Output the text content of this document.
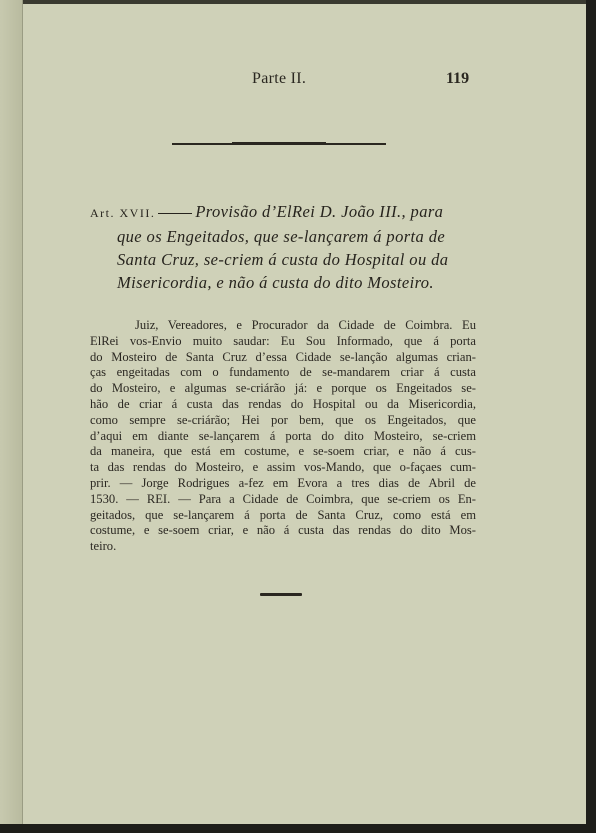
Parte II.	119
Art. XVII. Provisão d’ElRei D. João III., para
que os Engeitados, que se-lançarem á porta de
Santa Cruz, se-criem á custa do Hospital ou da
Misericordia, e não á custa do dito Mosteiro.
Juiz, Vereadores, e Procurador da Cidade de Coimbra. Eu
ElRei vos-Envio muito saudar: Eu Sou Informado, que á porta
do Mosteiro de Santa Cruz d’essa Cidade se-lanção algumas crian-
ças engeitadas com o fundamento de se-mandarem criar á custa
do Mosteiro, e algumas se-criárão já: e porque os Engeitados se-
hão de criar á custa das rendas do Hospital ou da Misericordia,
como sempre se-criárão; Hei por bem, que os Engeitados, que
d’aqui em diante se-lançarem á porta do dito Mosteiro, se-criem
da maneira, que está em costume, e se-soem criar, e não á cus-
ta das rendas do Mosteiro, e assim vos-Mando, que o-façaes cum-
prir. — Jorge Rodrigues a-fez em Evora a tres dias de Abril de
1530. — REI. — Para a Cidade de Coimbra, que se-criem os En-
geitados, que se-lançarem á porta de Santa Cruz, como está em
costume, e se-soem criar, e não á custa das rendas do dito Mos-
teiro.
